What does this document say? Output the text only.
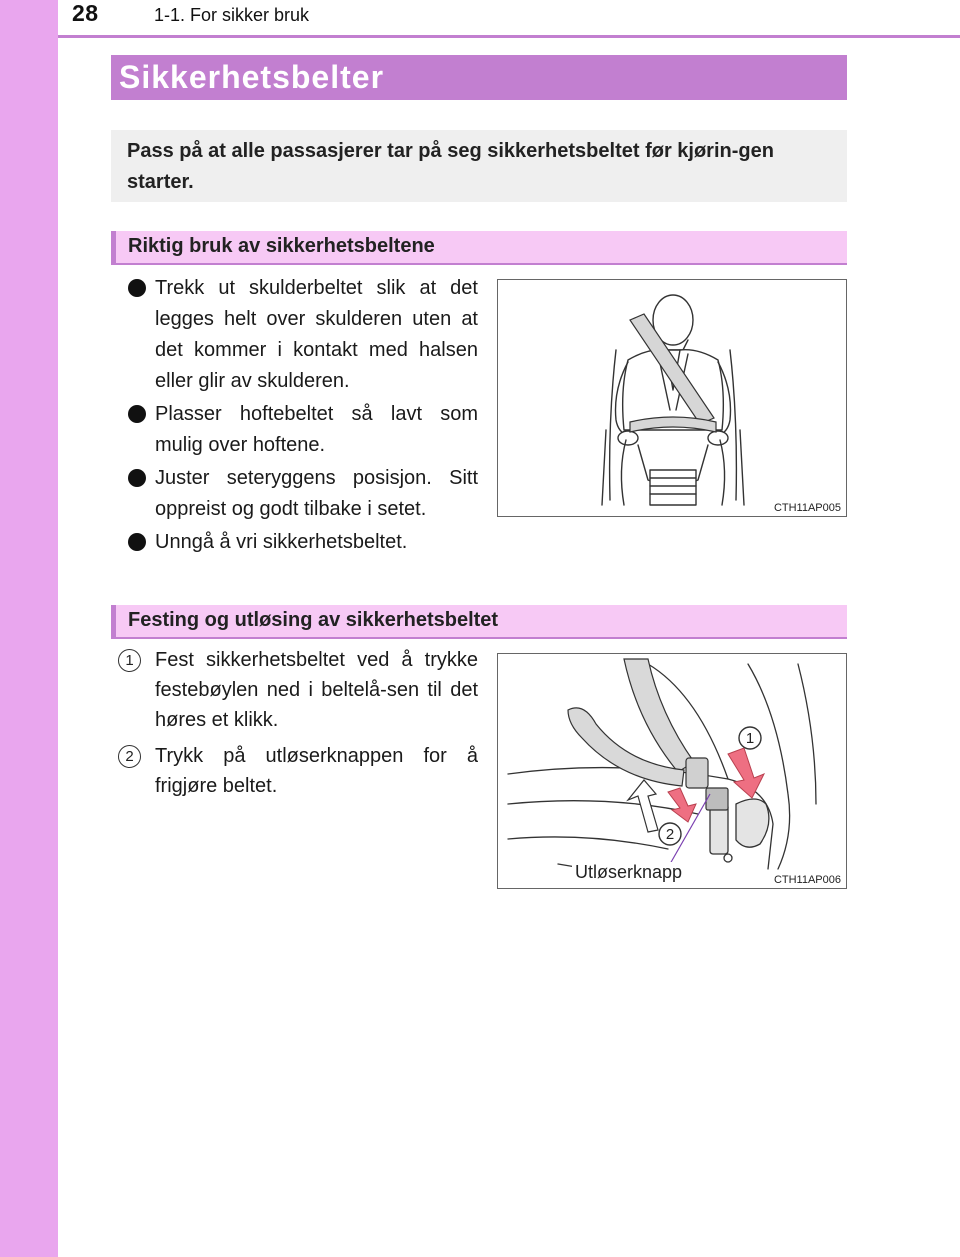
28	1-1. For sikker bruk
Sikkerhetsbelter

Pass på at alle passasjerer tar på seg sikkerhetsbeltet før kjørin-gen starter.

Riktig bruk av sikkerhetsbeltene
Trekk ut skulderbeltet slik at det legges helt over skulderen uten at det kommer i kontakt med halsen eller glir av skulderen.
Plasser hoftebeltet så lavt som mulig over hoftene.
Juster seteryggens posisjon. Sitt oppreist og godt tilbake i setet.
Unngå å vri sikkerhetsbeltet.
CTH11AP005
Festing og utløsing av sikkerhetsbeltet
1	Fest sikkerhetsbeltet ved å trykke festebøylen ned i beltelå-sen til det høres et klikk.
2	Trykk på utløserknappen for å frigjøre beltet.
1
2
Utløserknapp	CTH11AP006
